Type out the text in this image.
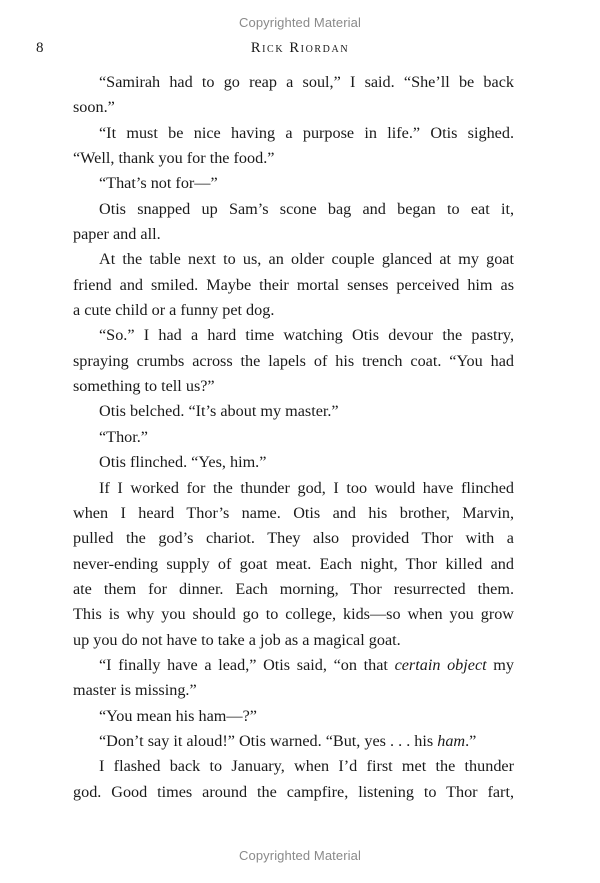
Copyrighted Material
8	Rick Riordan
“Samirah had to go reap a soul,” I said. “She’ll be back
soon.”
“It must be nice having a purpose in life.” Otis sighed.
“Well, thank you for the food.”
“That’s not for—”
Otis snapped up Sam’s scone bag and began to eat it,
paper and all.
At the table next to us, an older couple glanced at my goat
friend and smiled. Maybe their mortal senses perceived him as
a cute child or a funny pet dog.
“So.” I had a hard time watching Otis devour the pastry,
spraying crumbs across the lapels of his trench coat. “You had
something to tell us?”
Otis belched. “It’s about my master.”
“Thor.”
Otis flinched. “Yes, him.”
If I worked for the thunder god, I too would have flinched
when I heard Thor’s name. Otis and his brother, Marvin,
pulled the god’s chariot. They also provided Thor with a
never-ending supply of goat meat. Each night, Thor killed and
ate them for dinner. Each morning, Thor resurrected them.
This is why you should go to college, kids—so when you grow
up you do not have to take a job as a magical goat.
“I finally have a lead,” Otis said, “on that certain object my
master is missing.”
“You mean his ham—?”
“Don’t say it aloud!” Otis warned. “But, yes . . . his ham.”
I flashed back to January, when I’d first met the thunder
god. Good times around the campfire, listening to Thor fart,
Copyrighted Material
